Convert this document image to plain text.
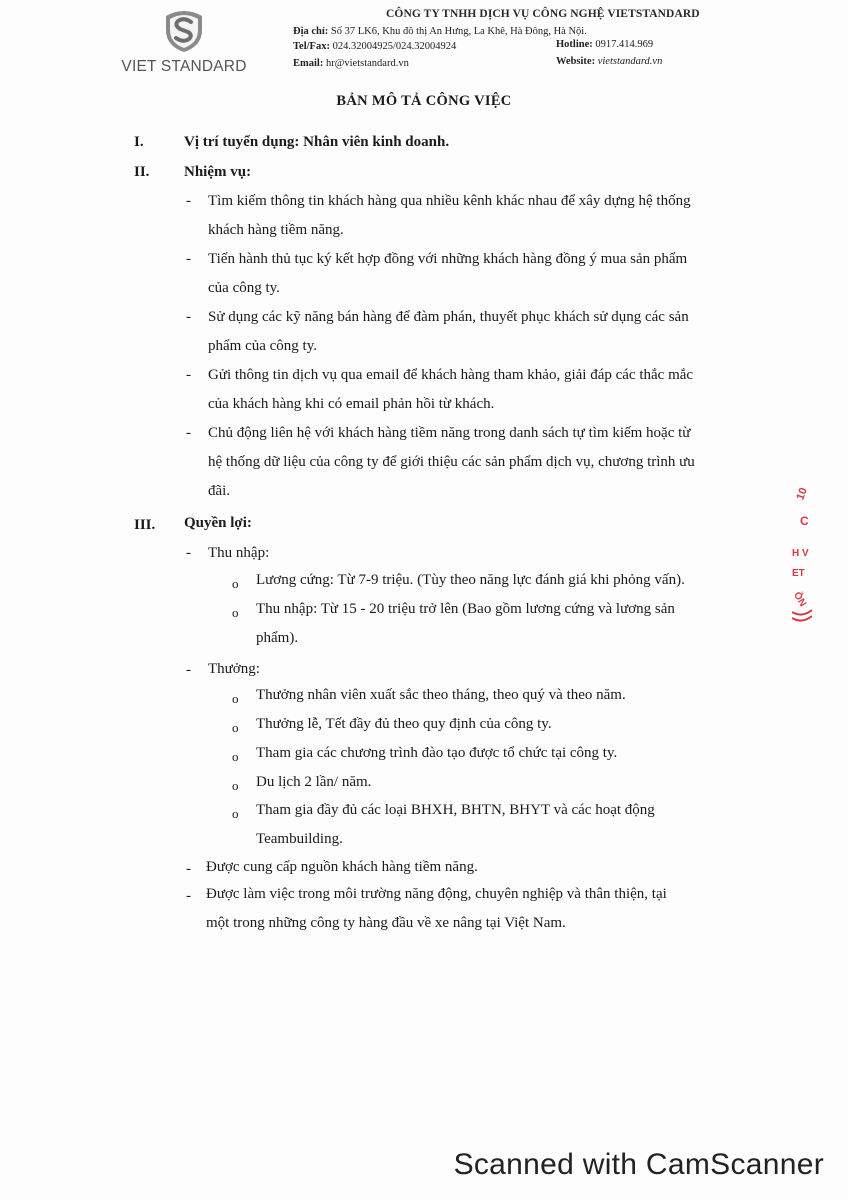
VIET STANDARD
CÔNG TY TNHH DỊCH VỤ CÔNG NGHỆ VIETSTANDARD
Địa chỉ: Số 37 LK6, Khu đô thị An Hưng, La Khê, Hà Đông, Hà Nội.
Tel/Fax: 024.32004925/024.32004924
Email: hr@vietstandard.vn
Hotline: 0917.414.969
Website: vietstandard.vn
BẢN MÔ TẢ CÔNG VIỆC
I.	Vị trí tuyển dụng: Nhân viên kinh doanh.
II. Nhiệm vụ:
- Tìm kiếm thông tin khách hàng qua nhiều kênh khác nhau để xây dựng hệ thống
khách hàng tiềm năng.
- Tiến hành thủ tục ký kết hợp đồng với những khách hàng đồng ý mua sản phẩm
của công ty.
- Sử dụng các kỹ năng bán hàng để đàm phán, thuyết phục khách sử dụng các sản
phẩm của công ty.
- Gửi thông tin dịch vụ qua email để khách hàng tham khảo, giải đáp các thắc mắc
của khách hàng khi có email phản hồi từ khách.
- Chủ động liên hệ với khách hàng tiềm năng trong danh sách tự tìm kiếm hoặc từ
hệ thống dữ liệu của công ty để giới thiệu các sản phẩm dịch vụ, chương trình ưu
đãi.
III. Quyền lợi:
- Thu nhập:
o Lương cứng: Từ 7-9 triệu. (Tùy theo năng lực đánh giá khi phỏng vấn).
o Thu nhập: Từ 15 - 20 triệu trở lên (Bao gồm lương cứng và lương sản
phẩm).
- Thưởng:
o Thưởng nhân viên xuất sắc theo tháng, theo quý và theo năm.
o Thưởng lễ, Tết đầy đủ theo quy định của công ty.
o Tham gia các chương trình đào tạo được tổ chức tại công ty.
o Du lịch 2 lần/ năm.
o Tham gia đầy đủ các loại BHXH, BHTN, BHYT và các hoạt động
Teambuilding.
- Được cung cấp nguồn khách hàng tiềm năng.
- Được làm việc trong môi trường năng động, chuyên nghiệp và thân thiện, tại
một trong những công ty hàng đầu về xe nâng tại Việt Nam.
10
C
H V
ET
ỒN
Scanned with CamScanner
